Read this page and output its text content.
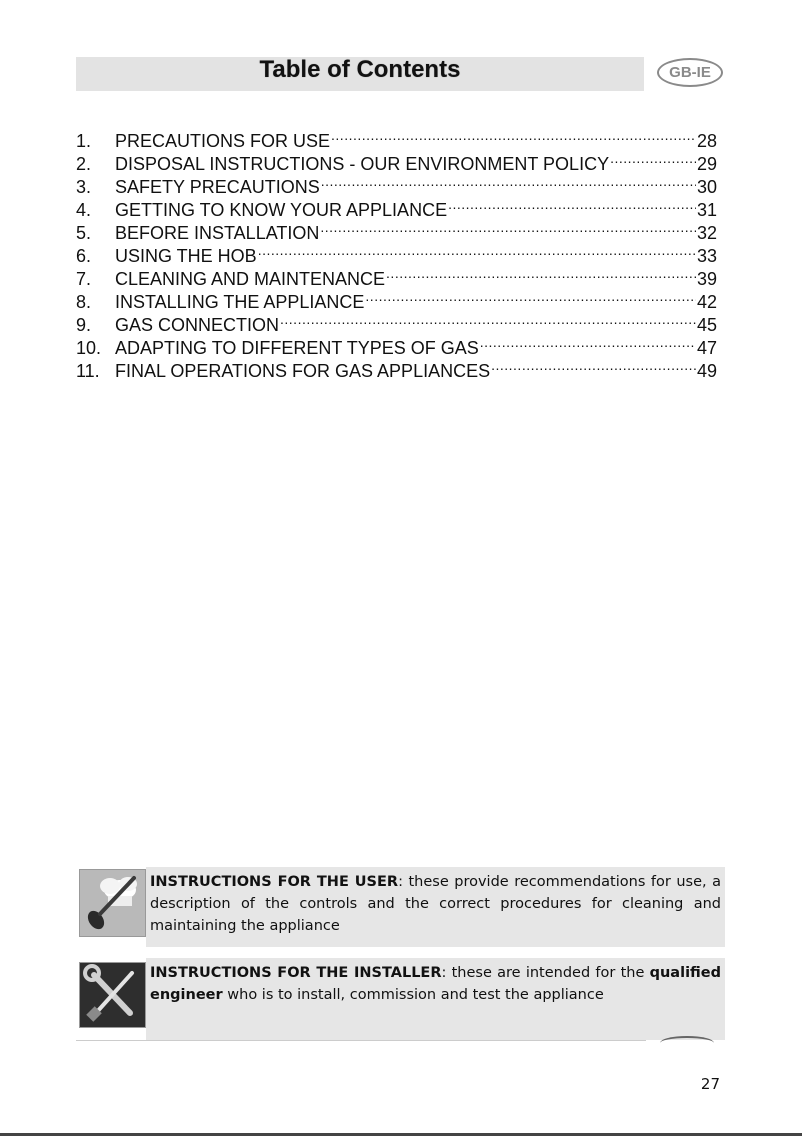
Table of Contents	GB-IE
1.	PRECAUTIONS FOR USE .....	28
2.	DISPOSAL INSTRUCTIONS - OUR ENVIRONMENT POLICY .....	29
3.	SAFETY PRECAUTIONS .....	30
4.	GETTING TO KNOW YOUR APPLIANCE .....	31
5.	BEFORE INSTALLATION .....	32
6.	USING THE HOB .....	33
7.	CLEANING AND MAINTENANCE .....	39
8.	INSTALLING THE APPLIANCE .....	42
9.	GAS CONNECTION .....	45
10. ADAPTING TO DIFFERENT TYPES OF GAS .....	47
11. FINAL OPERATIONS FOR GAS APPLIANCES .....	49
INSTRUCTIONS FOR THE USER: these provide recommendations for use, a description of the controls and the correct procedures for cleaning and maintaining the appliance
INSTRUCTIONS FOR THE INSTALLER: these are intended for the qualified engineer who is to install, commission and test the appliance
27
